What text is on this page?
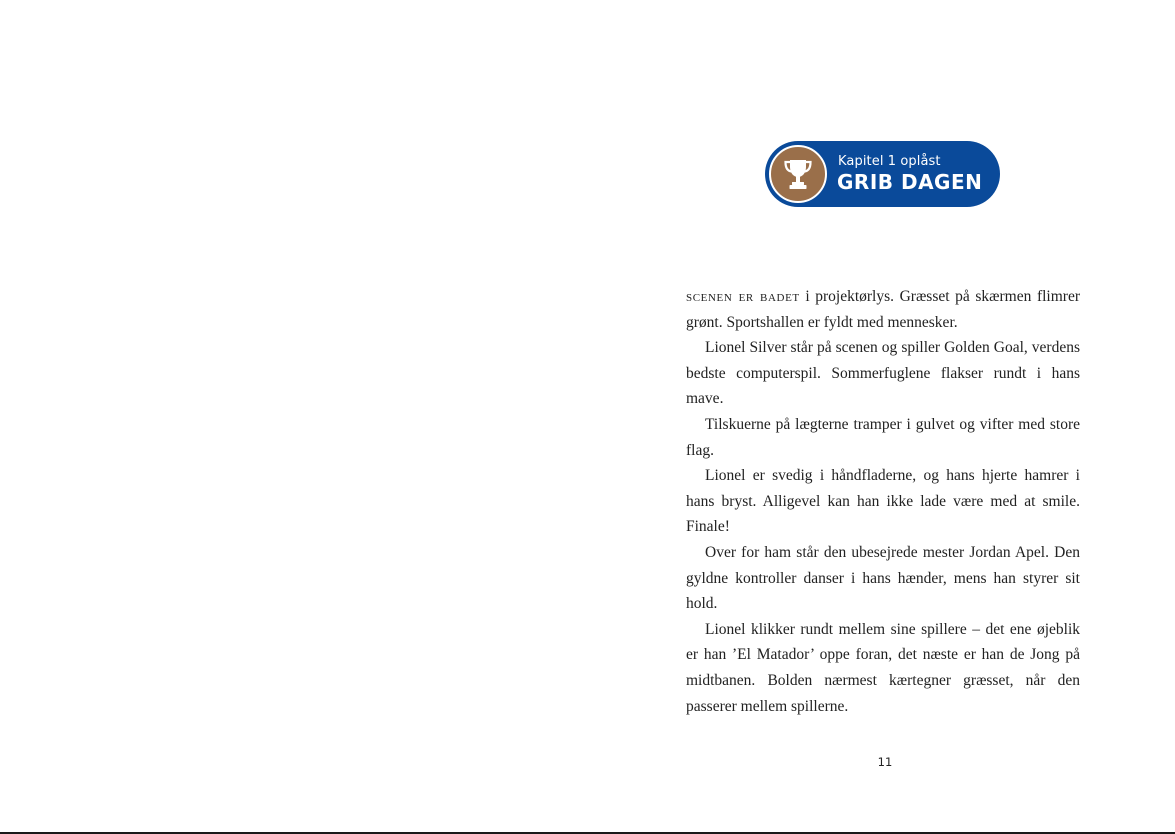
Kapitel 1 oplåst
GRIB DAGEN

scenen er badet i projektørlys. Græsset på skærmen flimrer grønt. Sportshallen er fyldt med mennesker.

Lionel Silver står på scenen og spiller Golden Goal, verdens bedste computerspil. Sommerfuglene flakser rundt i hans mave.

Tilskuerne på lægterne tramper i gulvet og vifter med store flag.

Lionel er svedig i håndfladerne, og hans hjerte hamrer i hans bryst. Alligevel kan han ikke lade være med at smile. Finale!

Over for ham står den ubesejrede mester Jordan Apel. Den gyldne kontroller danser i hans hænder, mens han styrer sit hold.

Lionel klikker rundt mellem sine spillere – det ene øjeblik er han ’El Matador’ oppe foran, det næste er han de Jong på midtbanen. Bolden nærmest kærtegner græsset, når den passerer mellem spillerne.

11
